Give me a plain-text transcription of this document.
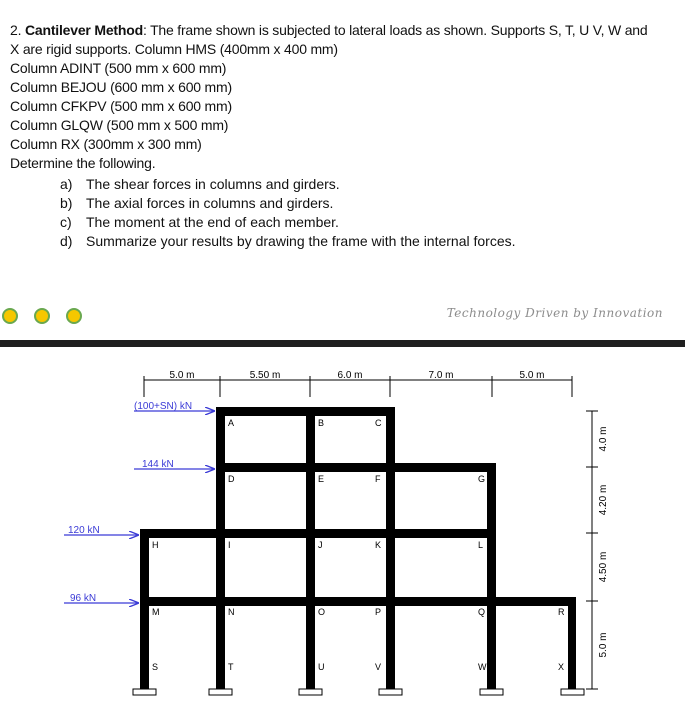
2. Cantilever Method: The frame shown is subjected to lateral loads as shown. Supports S, T, U V, W and
X are rigid supports. Column HMS (400mm x 400 mm)
Column ADINT (500 mm x 600 mm)
Column BEJOU (600 mm x 600 mm)
Column CFKPV (500 mm x 600 mm)
Column GLQW (500 mm x 500 mm)
Column RX (300mm x 300 mm)
Determine the following.
a) The shear forces in columns and girders.
b) The axial forces in columns and girders.
c) The moment at the end of each member.
d) Summarize your results by drawing the frame with the internal forces.
Technology Driven by Innovation
5.0 m	5.50 m	6.0 m	7.0 m	5.0 m
4.0 m
4.20 m
4.50 m
5.0 m
A	B	C
D	E	F	G
H	I	J	K	L
M	N	O	P	Q	R
S	T	U	V	W	X
(100+SN) kN
144 kN
120 kN
96 kN
